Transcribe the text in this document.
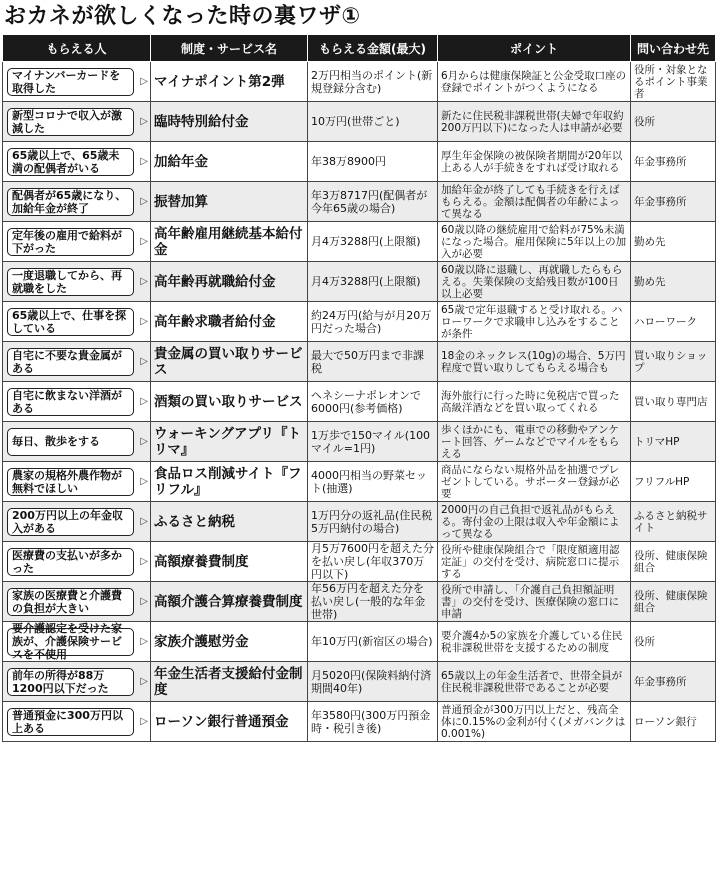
おカネが欲しくなった時の裏ワザ①
もらえる人	制度・サービス名	もらえる金額(最大)	ポイント	問い合わせ先

マイナンバーカードを取得した
▷	マイナポイント第2弾	2万円相当のポイント(新規登録分含む)	6月からは健康保険証と公金受取口座の登録でポイントがつくようになる	役所・対象となるポイント事業者

新型コロナで収入が激減した
▷	臨時特別給付金	10万円(世帯ごと)	新たに住民税非課税世帯(夫婦で年収約200万円以下)になった人は申請が必要	役所

65歳以上で、65歳未満の配偶者がいる
▷	加給年金	年38万8900円	厚生年金保険の被保険者期間が20年以上ある人が手続きをすれば受け取れる	年金事務所

配偶者が65歳になり、加給年金が終了
▷	振替加算	年3万8717円(配偶者が今年65歳の場合)	加給年金が終了しても手続きを行えばもらえる。金額は配偶者の年齢によって異なる	年金事務所

定年後の雇用で給料が下がった
▷	高年齢雇用継続基本給付金	月4万3288円(上限額)	60歳以降の継続雇用で給料が75%未満になった場合。雇用保険に5年以上の加入が必要	勤め先

一度退職してから、再就職をした
▷	高年齢再就職給付金	月4万3288円(上限額)	60歳以降に退職し、再就職したらもらえる。失業保険の支給残日数が100日以上必要	勤め先

65歳以上で、仕事を探している
▷	高年齢求職者給付金	約24万円(給与が月20万円だった場合)	65歳で定年退職すると受け取れる。ハローワークで求職申し込みをすることが条件	ハローワーク

自宅に不要な貴金属がある
▷	貴金属の買い取りサービス	最大で50万円まで非課税	18金のネックレス(10g)の場合、5万円程度で買い取りしてもらえる場合も	買い取りショップ

自宅に飲まない洋酒がある
▷	酒類の買い取りサービス	ヘネシーナポレオンで6000円(参考価格)	海外旅行に行った時に免税店で買った高級洋酒などを買い取ってくれる	買い取り専門店

毎日、散歩をする ▷	ウォーキングアプリ『トリマ』	1万歩で150マイル(100マイル=1円)	歩くほかにも、電車での移動やアンケート回答、ゲームなどでマイルをもらえる	トリマHP

農家の規格外農作物が無料でほしい
▷	食品ロス削減サイト『フリフル』	4000円相当の野菜セット(抽選)	商品にならない規格外品を抽選でプレゼントしている。サポーター登録が必要	フリフルHP

200万円以上の年金収入がある
▷	ふるさと納税	1万円分の返礼品(住民税5万円納付の場合)	2000円の自己負担で返礼品がもらえる。寄付金の上限は収入や年金額によって異なる	ふるさと納税サイト

医療費の支払いが多かった
▷	高額療養費制度	月5万7600円を超えた分を払い戻し(年収370万円以下)	役所や健康保険組合で「限度額適用認定証」の交付を受け、病院窓口に提示する	役所、健康保険組合

家族の医療費と介護費の負担が大きい
▷	高額介護合算療養費制度	年56万円を超えた分を払い戻し(一般的な年金世帯)	役所で申請し、「介護自己負担額証明書」の交付を受け、医療保険の窓口に申請	役所、健康保険組合

要介護認定を受けた家族が、介護保険サービスを不使用
▷	家族介護慰労金	年10万円(新宿区の場合)	要介護4か5の家族を介護している住民税非課税世帯を支援するための制度	役所

前年の所得が88万1200円以下だった
▷	年金生活者支援給付金制度	月5020円(保険料納付済期間40年)	65歳以上の年金生活者で、世帯全員が住民税非課税世帯であることが必要	年金事務所

普通預金に300万円以上ある
▷	ローソン銀行普通預金	年3580円(300万円預金時・税引き後)	普通預金が300万円以上だと、残高全体に0.15%の金利が付く(メガバンクは0.001%)	ローソン銀行
